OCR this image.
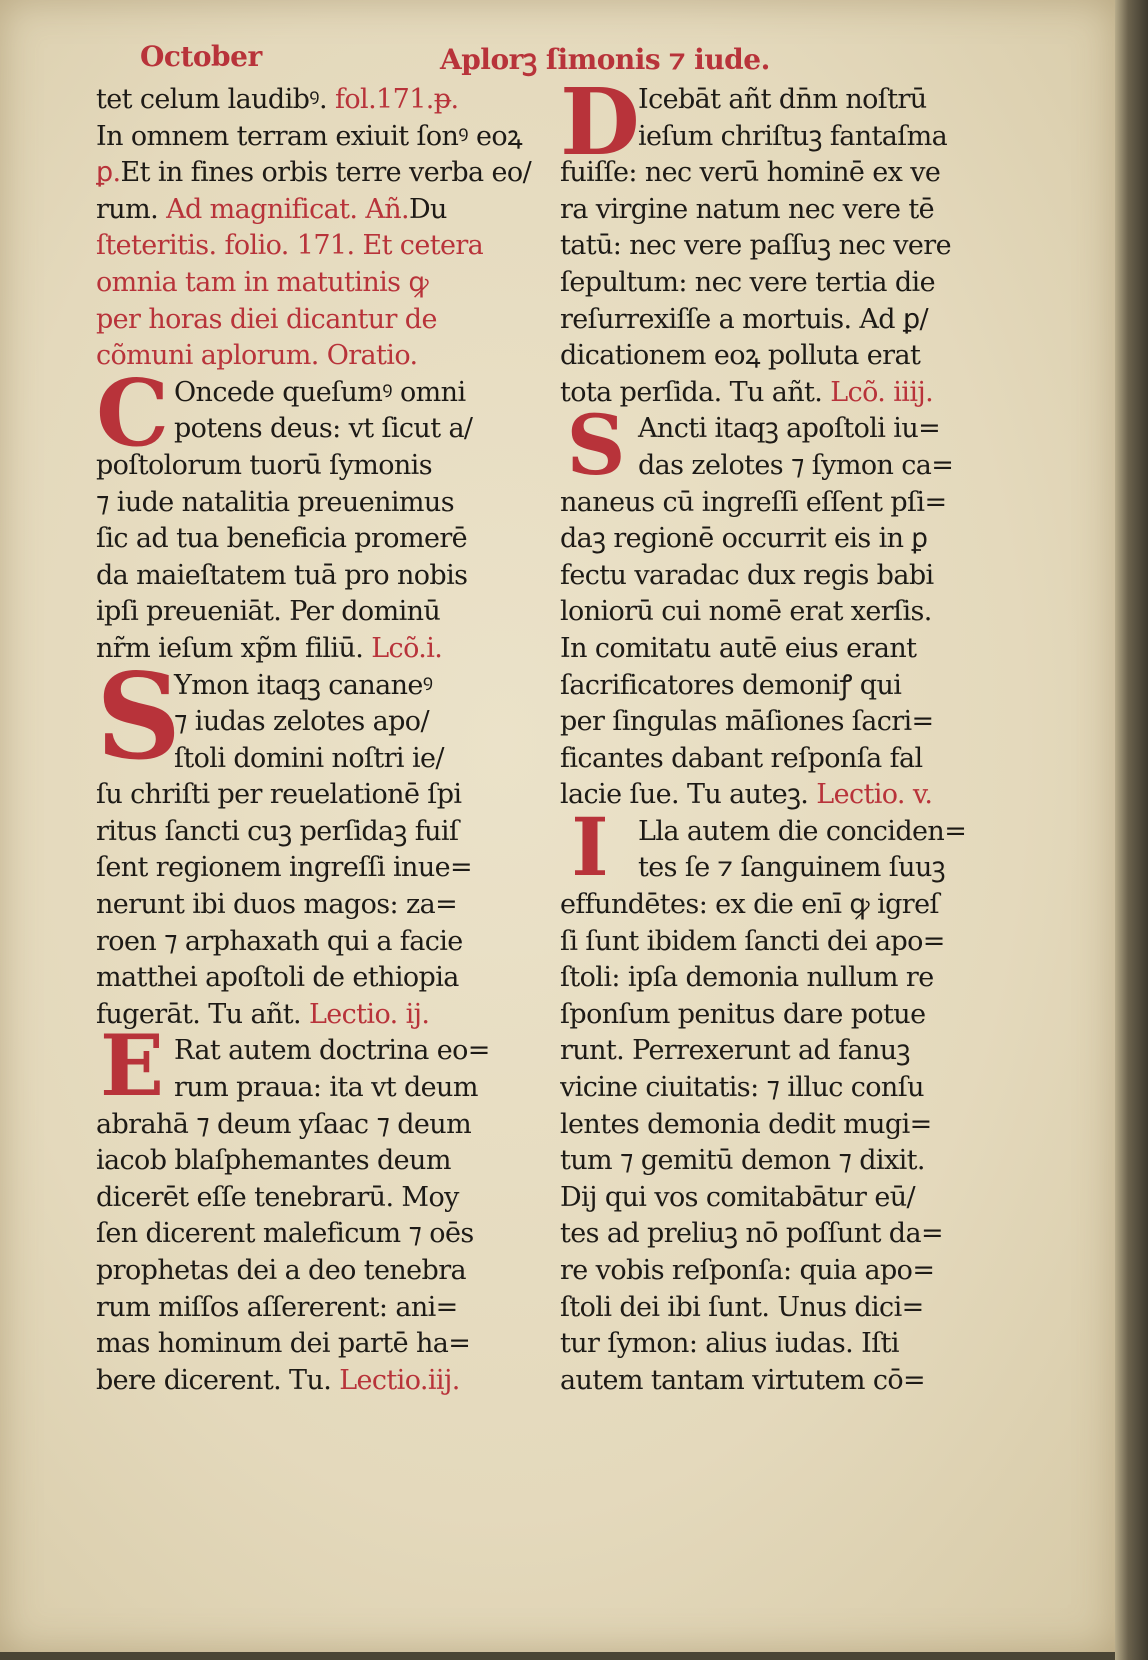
October	Aplorꝫ ſimonis ⁊ iude.
C
S
E
tet celum laudibꝰ. fol.171.ᵽ.
In omnem terram exiuit ſonꝰ eoꝝ
ꝑ.Et in fines orbis terre verba eo/
rum. Ad magnificat. Añ.Du
ſteteritis. folio. 171. Et cetera
omnia tam in matutinis ꝙ
per horas diei dicantur de
cõmuni aplorum. Oratio.
Oncede queſumꝰ omni
potens deus: vt ſicut a/
poſtolorum tuorū ſymonis
⁊ iude natalitia preuenimus
ſic ad tua beneficia promerē
da maieſtatem tuā pro nobis
ipſi preueniāt. Per dominū
nr̃m ieſum xp̃m filiū. Lcõ.i.
Ymon itaqꝫ cananeꝰ
⁊ iudas zelotes apo/
ſtoli domini noſtri ie/
ſu chriſti per reuelationē ſpi
ritus ſancti cuꝫ perſidaꝫ fuiſ
ſent regionem ingreſſi inue=
nerunt ibi duos magos: za=
roen ⁊ arphaxath qui a facie
matthei apoſtoli de ethiopia
fugerāt. Tu añt. Lectio. ij.
Rat autem doctrina eo=
rum praua: ita vt deum
abrahā ⁊ deum yſaac ⁊ deum
iacob blaſphemantes deum
dicerēt eſſe tenebrarū. Moy
ſen dicerent maleficum ⁊ oēs
prophetas dei a deo tenebra
rum miſſos aſſererent: ani=
mas hominum dei partē ha=
bere dicerent. Tu. Lectio.iij.
D
S
I
Icebāt añt dn̄m noſtrū
ieſum chriſtuꝫ fantaſma
fuiſſe: nec verū hominē ex ve
ra virgine natum nec vere tē
tatū: nec vere paſſuꝫ nec vere
ſepultum: nec vere tertia die
reſurrexiſſe a mortuis. Ad ꝑ/
dicationem eoꝝ polluta erat
tota perſida. Tu añt. Lcõ. iiij.
Ancti itaqꝫ apoſtoli iu=
das zelotes ⁊ ſymon ca=
naneus cū ingreſſi eſſent pſi=
daꝫ regionē occurrit eis in ꝑ
fectu varadac dux regis babi
loniorū cui nomē erat xerſis.
In comitatu autē eius erant
ſacrificatores demoniꝭ qui
per ſingulas māſiones ſacri=
ficantes dabant reſponſa fal
lacie ſue. Tu auteꝫ. Lectio. v.
Lla autem die conciden=
tes ſe ⁊ ſanguinem ſuuꝫ
effundētes: ex die enī ꝙ igreſ
ſi ſunt ibidem ſancti dei apo=
ſtoli: ipſa demonia nullum re
ſponſum penitus dare potue
runt. Perrexerunt ad fanuꝫ
vicine ciuitatis: ⁊ illuc conſu
lentes demonia dedit mugi=
tum ⁊ gemitū demon ⁊ dixit.
Dij qui vos comitabātur eū/
tes ad preliuꝫ nō poſſunt da=
re vobis reſponſa: quia apo=
ſtoli dei ibi ſunt. Unus dici=
tur ſymon: alius iudas. Iſti
autem tantam virtutem cō=
